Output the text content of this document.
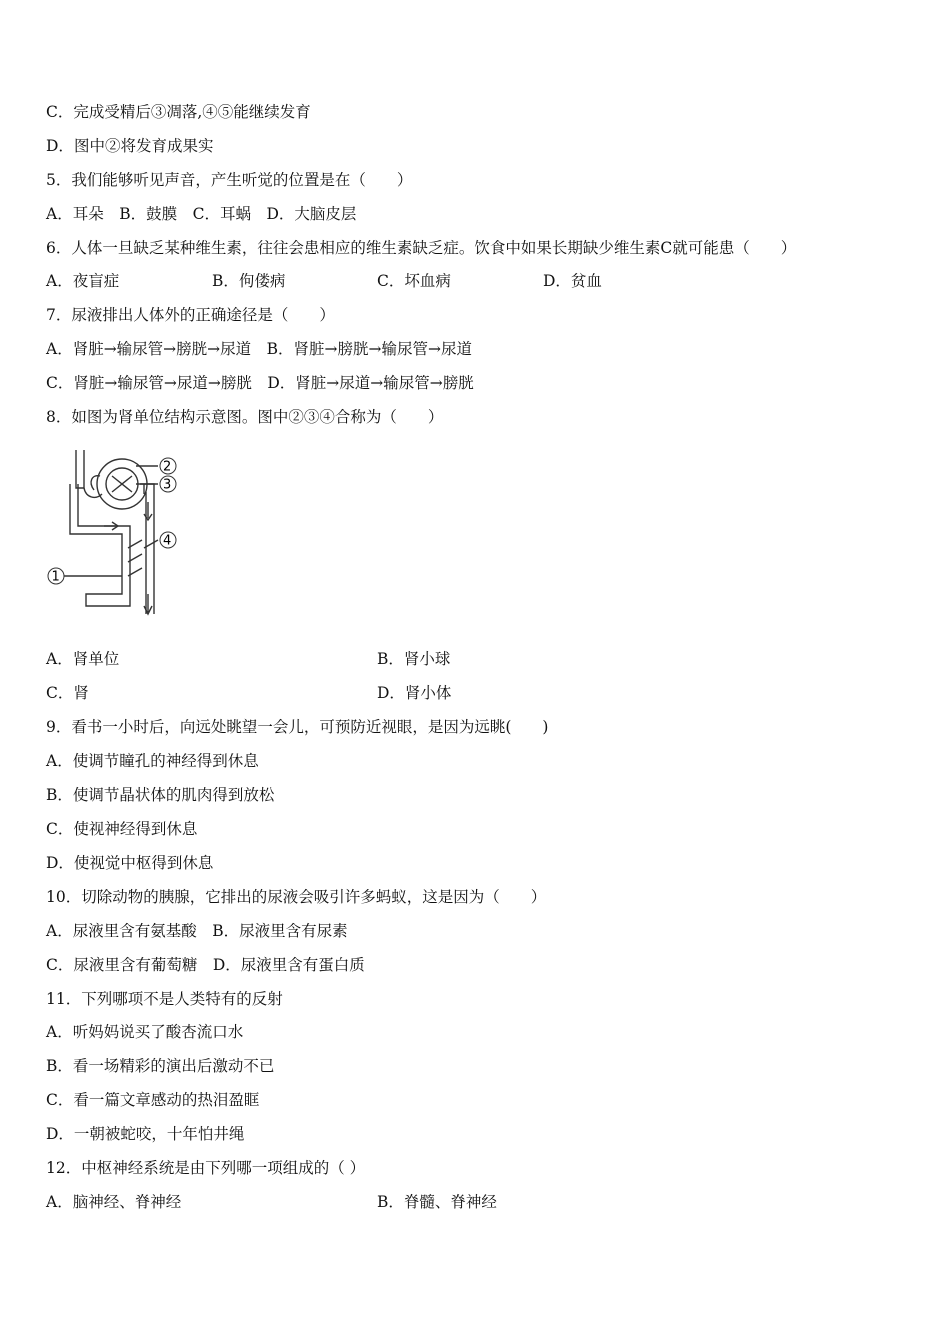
C．完成受精后③凋落,④⑤能继续发育
D．图中②将发育成果实
5．我们能够听见声音，产生听觉的位置是在（　　）
A．耳朵　B．鼓膜　C．耳蜗　D．大脑皮层
6．人体一旦缺乏某种维生素，往往会患相应的维生素缺乏症。饮食中如果长期缺少维生素C就可能患（　　）
A．夜盲症	B．佝偻病	C．坏血病	D．贫血
7．尿液排出人体外的正确途径是（　　）
A．肾脏→输尿管→膀胱→尿道　B．肾脏→膀胱→输尿管→尿道
C．肾脏→输尿管→尿道→膀胱　D．肾脏→尿道→输尿管→膀胱
8．如图为肾单位结构示意图。图中②③④合称为（　　）
2
3
4
1
A．肾单位	B．肾小球
C．肾	D．肾小体
9．看书一小时后，向远处眺望一会儿，可预防近视眼，是因为远眺(　　)
A．使调节瞳孔的神经得到休息
B．使调节晶状体的肌肉得到放松
C．使视神经得到休息
D．使视觉中枢得到休息
10．切除动物的胰腺，它排出的尿液会吸引许多蚂蚁，这是因为（　　）
A．尿液里含有氨基酸　B．尿液里含有尿素
C．尿液里含有葡萄糖　D．尿液里含有蛋白质
11．下列哪项不是人类特有的反射
A．听妈妈说买了酸杏流口水
B．看一场精彩的演出后激动不已
C．看一篇文章感动的热泪盈眶
D．一朝被蛇咬，十年怕井绳
12．中枢神经系统是由下列哪一项组成的（ ）
A．脑神经、脊神经	B．脊髓、脊神经
